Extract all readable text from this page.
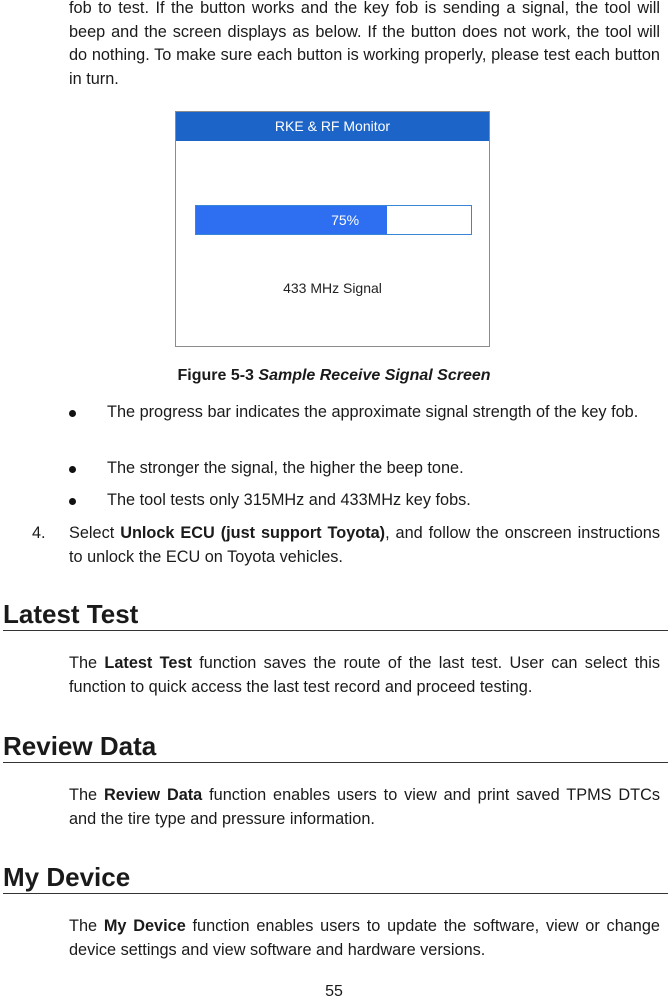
fob to test. If the button works and the key fob is sending a signal, the tool will beep and the screen displays as below. If the button does not work, the tool will do nothing. To make sure each button is working properly, please test each button in turn.

RKE & RF Monitor
75%
433 MHz Signal

Figure 5-3 Sample Receive Signal Screen

The progress bar indicates the approximate signal strength of the key fob.
The stronger the signal, the higher the beep tone.
The tool tests only 315MHz and 433MHz key fobs.
4. Select Unlock ECU (just support Toyota), and follow the onscreen instructions to unlock the ECU on Toyota vehicles.

Latest Test

The Latest Test function saves the route of the last test. User can select this function to quick access the last test record and proceed testing.

Review Data

The Review Data function enables users to view and print saved TPMS DTCs and the tire type and pressure information.

My Device

The My Device function enables users to update the software, view or change device settings and view software and hardware versions.

55
